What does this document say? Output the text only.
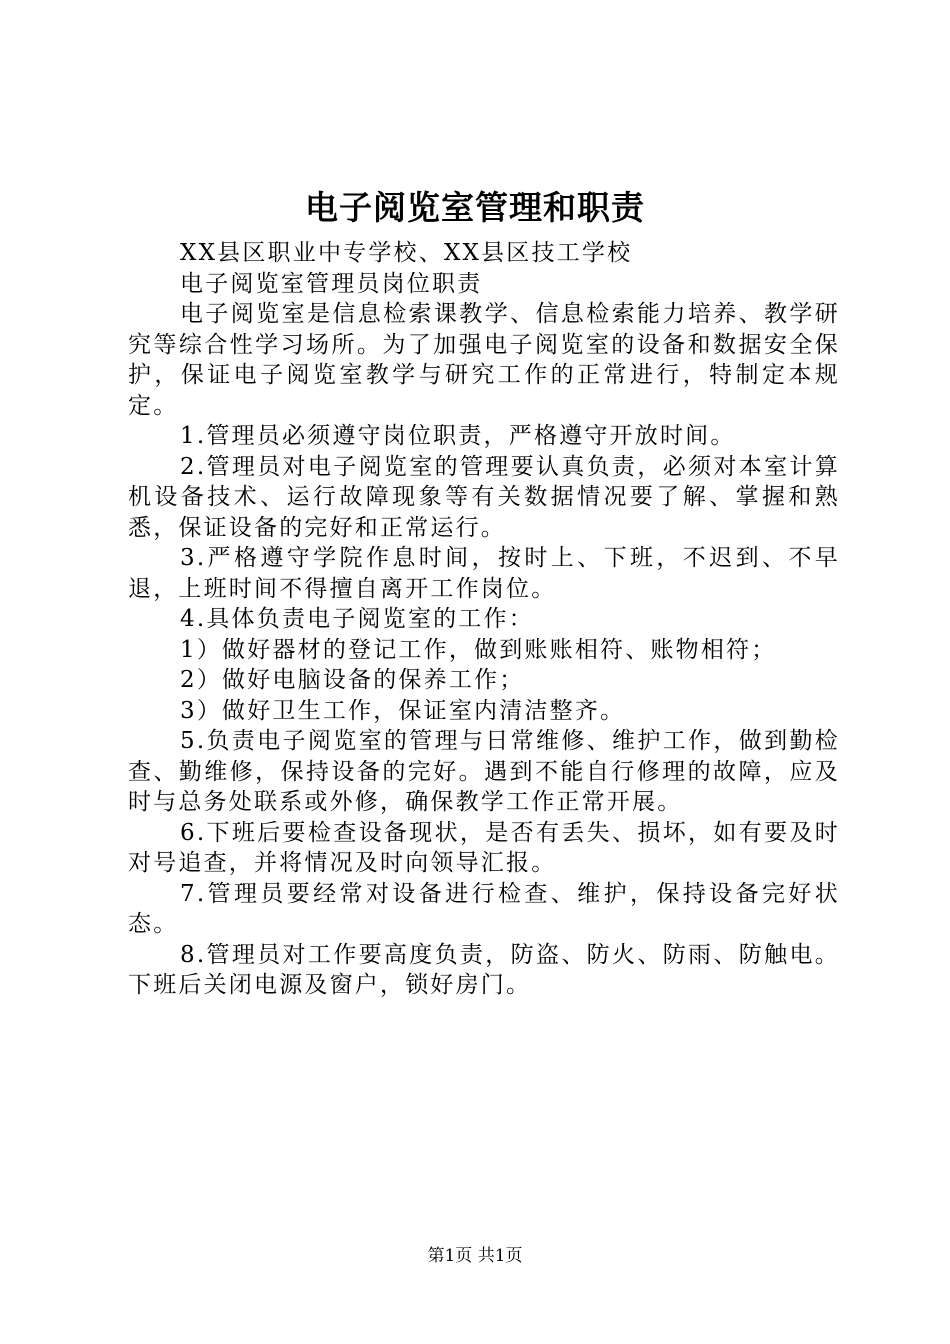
电子阅览室管理和职责

XX县区职业中专学校、XX县区技工学校

电子阅览室管理员岗位职责

电子阅览室是信息检索课教学、信息检索能力培养、教学研究等综合性学习场所。为了加强电子阅览室的设备和数据安全保护，保证电子阅览室教学与研究工作的正常进行，特制定本规定。

1.管理员必须遵守岗位职责，严格遵守开放时间。

2.管理员对电子阅览室的管理要认真负责，必须对本室计算机设备技术、运行故障现象等有关数据情况要了解、掌握和熟悉，保证设备的完好和正常运行。

3.严格遵守学院作息时间，按时上、下班，不迟到、不早退，上班时间不得擅自离开工作岗位。

4.具体负责电子阅览室的工作：

1）做好器材的登记工作，做到账账相符、账物相符；

2）做好电脑设备的保养工作；

3）做好卫生工作，保证室内清洁整齐。

5.负责电子阅览室的管理与日常维修、维护工作，做到勤检查、勤维修，保持设备的完好。遇到不能自行修理的故障，应及时与总务处联系或外修，确保教学工作正常开展。

6.下班后要检查设备现状，是否有丢失、损坏，如有要及时对号追查，并将情况及时向领导汇报。

7.管理员要经常对设备进行检查、维护，保持设备完好状态。

8.管理员对工作要高度负责，防盗、防火、防雨、防触电。下班后关闭电源及窗户，锁好房门。

第1页 共1页
